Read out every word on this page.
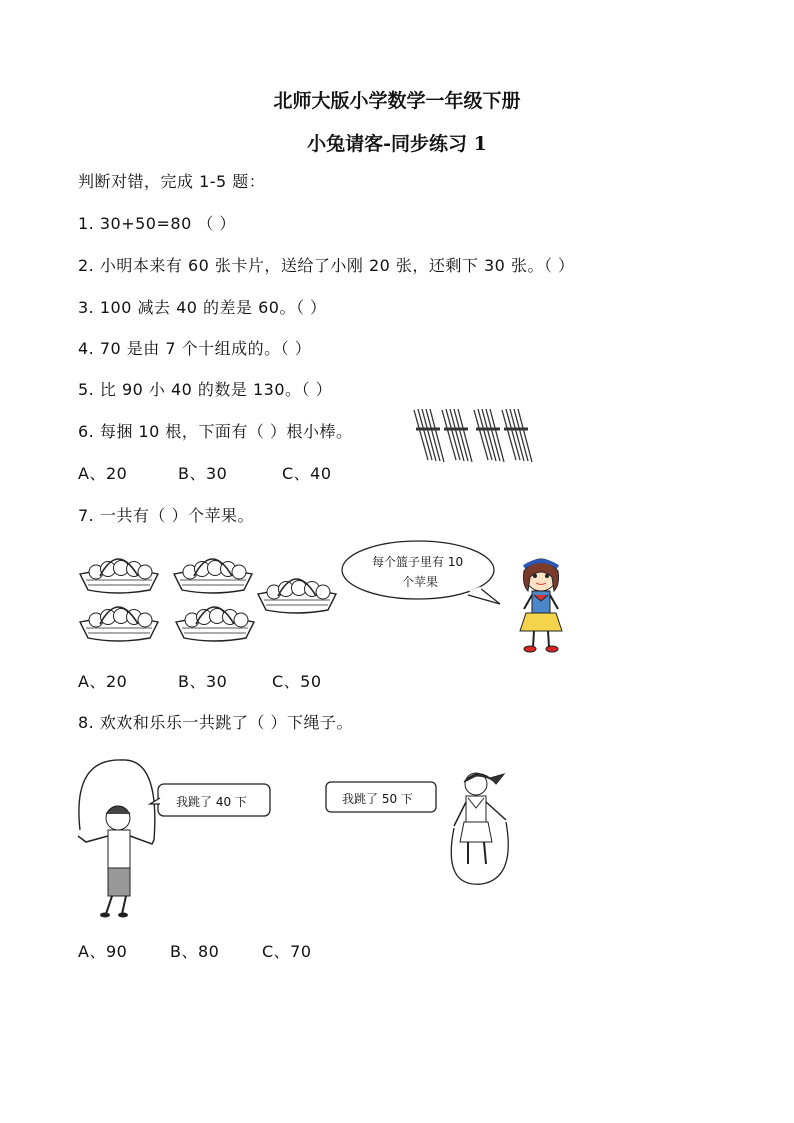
北师大版小学数学一年级下册
小兔请客-同步练习 1
判断对错，完成 1-5 题：
1. 30+50=80 （ ）
2. 小明本来有 60 张卡片，送给了小刚 20 张，还剩下 30 张。（ ）
3. 100 减去 40 的差是 60。（ ）
4. 70 是由 7 个十组成的。（ ）
5. 比 90 小 40 的数是 130。（ ）
6. 每捆 10 根，下面有（ ）根小棒。
A、20	B、30	C、40
7. 一共有（ ）个苹果。
每个篮子里有 10
个苹果
A、20	B、30	C、50
8. 欢欢和乐乐一共跳了（ ）下绳子。
我跳了 40 下	我跳了 50 下
A、90	B、80	C、70
